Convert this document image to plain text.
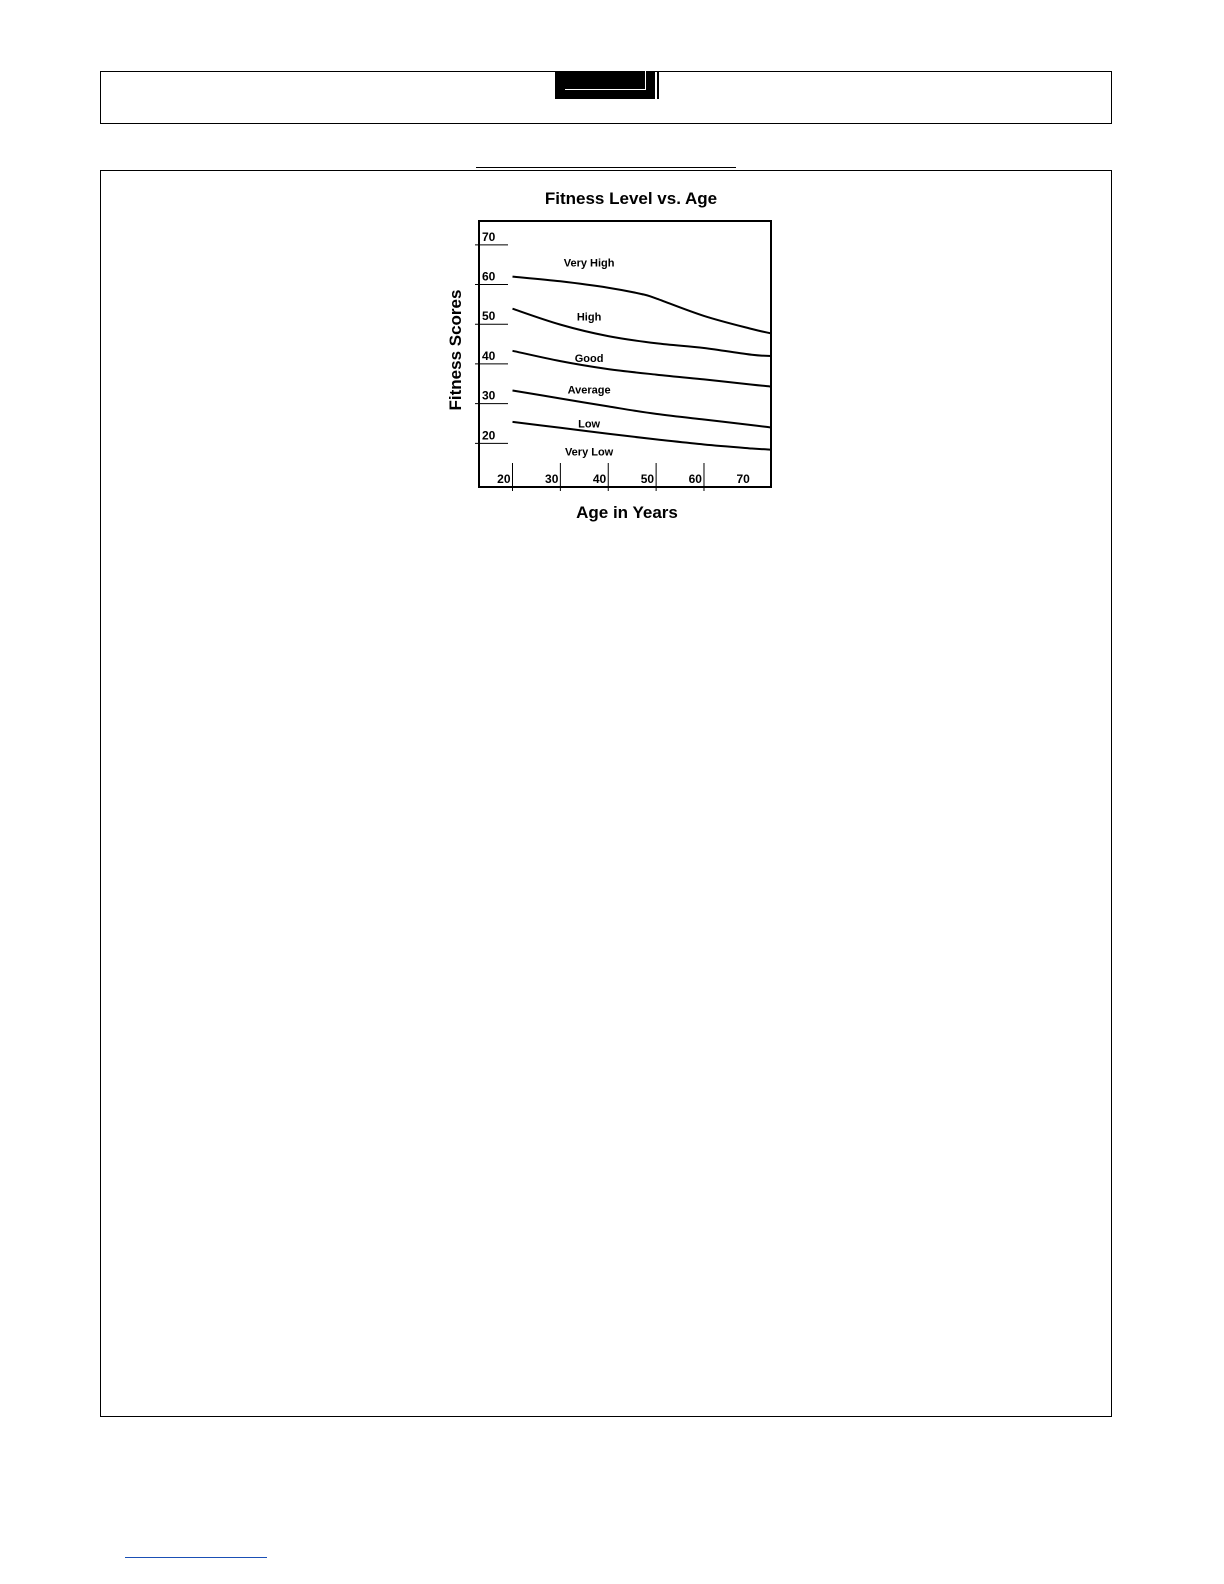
Fitness Level vs. Age
20
30
40
50
60
70
20	30	40	50	60	70
Very High
High
Good
Average
Low
Very Low
Age in Years
Fitness Scores
